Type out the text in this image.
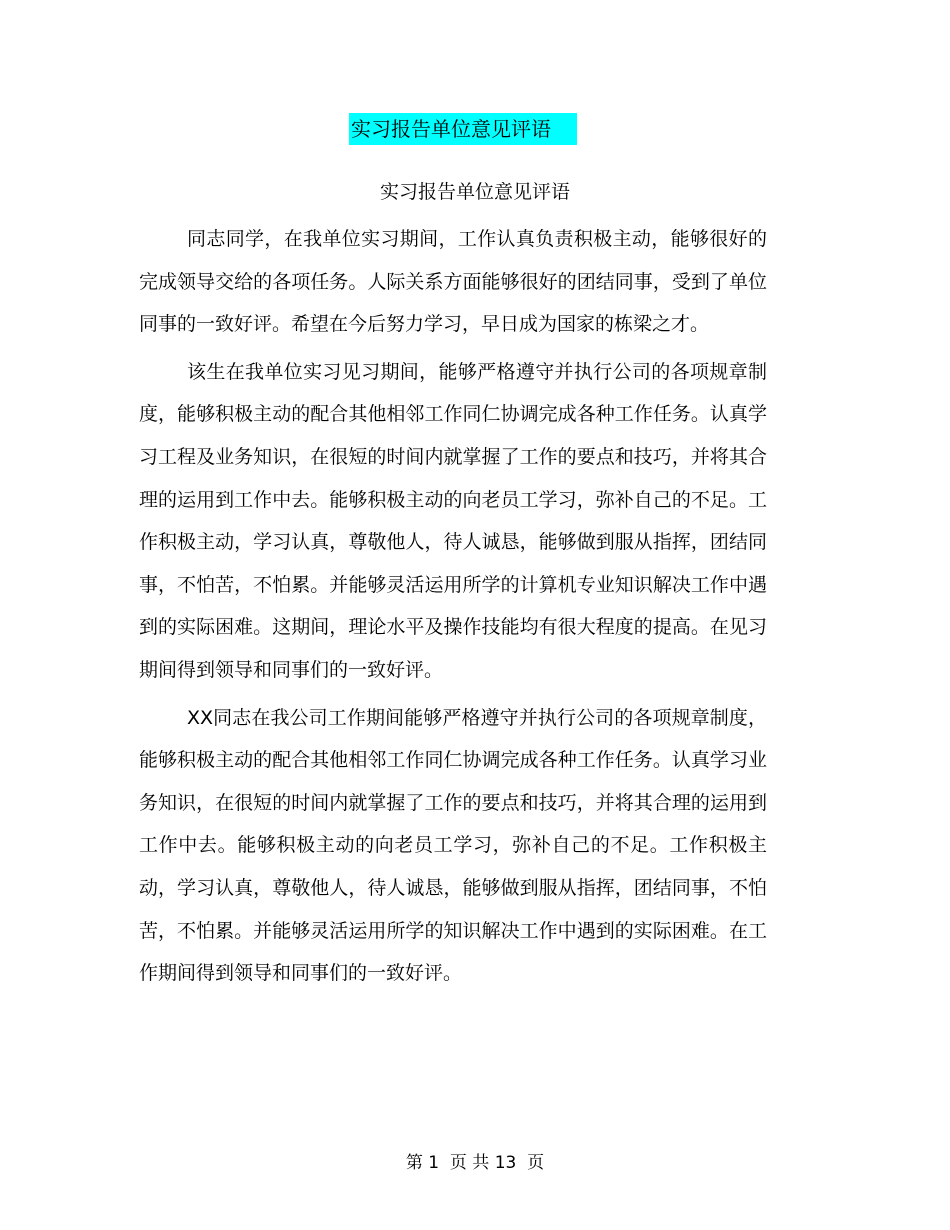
实习报告单位意见评语
实习报告单位意见评语

同志同学，在我单位实习期间，工作认真负责积极主动，能够很好的完成领导交给的各项任务。人际关系方面能够很好的团结同事，受到了单位同事的一致好评。希望在今后努力学习，早日成为国家的栋梁之才。

该生在我单位实习见习期间，能够严格遵守并执行公司的各项规章制度，能够积极主动的配合其他相邻工作同仁协调完成各种工作任务。认真学习工程及业务知识，在很短的时间内就掌握了工作的要点和技巧，并将其合理的运用到工作中去。能够积极主动的向老员工学习，弥补自己的不足。工作积极主动，学习认真，尊敬他人，待人诚恳，能够做到服从指挥，团结同事，不怕苦，不怕累。并能够灵活运用所学的计算机专业知识解决工作中遇到的实际困难。这期间，理论水平及操作技能均有很大程度的提高。在见习期间得到领导和同事们的一致好评。

XX同志在我公司工作期间能够严格遵守并执行公司的各项规章制度，能够积极主动的配合其他相邻工作同仁协调完成各种工作任务。认真学习业务知识，在很短的时间内就掌握了工作的要点和技巧，并将其合理的运用到工作中去。能够积极主动的向老员工学习，弥补自己的不足。工作积极主动，学习认真，尊敬他人，待人诚恳，能够做到服从指挥，团结同事，不怕苦，不怕累。并能够灵活运用所学的知识解决工作中遇到的实际困难。在工作期间得到领导和同事们的一致好评。

第 1  页 共 13  页
